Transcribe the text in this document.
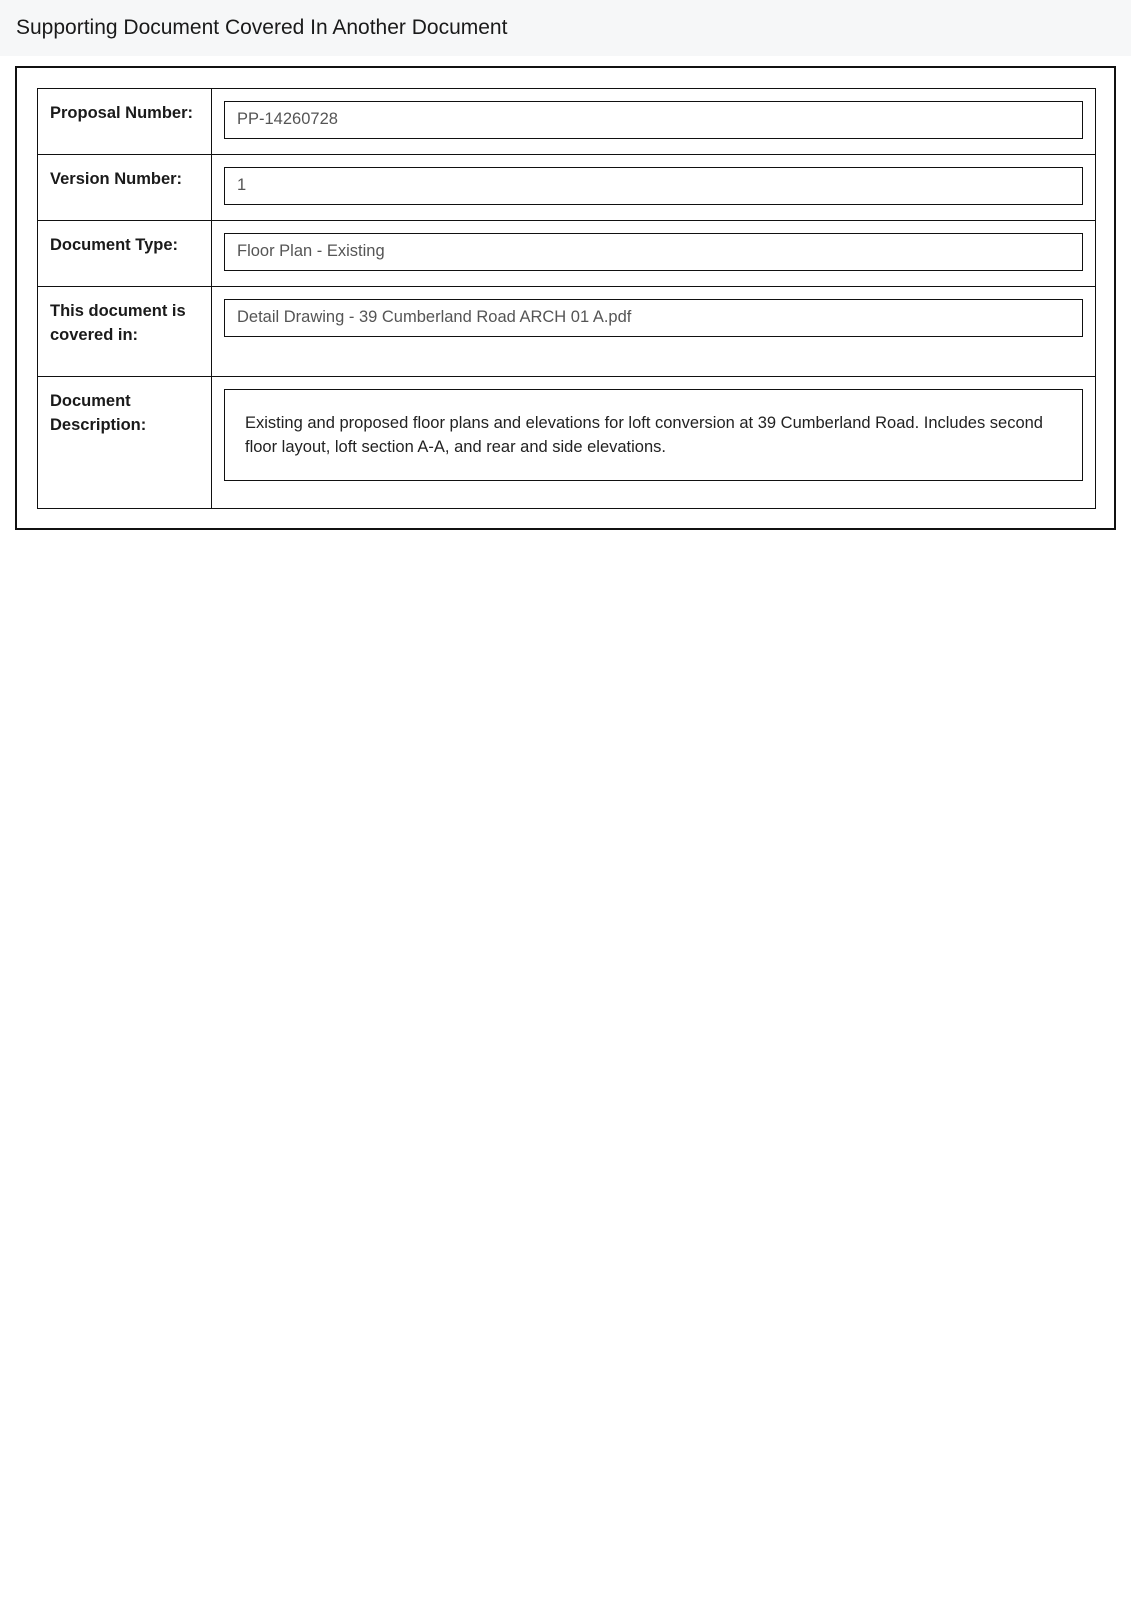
Supporting Document Covered In Another Document
Proposal Number:	PP-14260728

Version Number:	1

Document Type:	Floor Plan - Existing

This document is covered in:	Detail Drawing - 39 Cumberland Road ARCH 01 A.pdf

Document Description:	Existing and proposed floor plans and elevations for loft conversion at 39 Cumberland Road. Includes second floor layout, loft section A-A, and rear and side elevations.
